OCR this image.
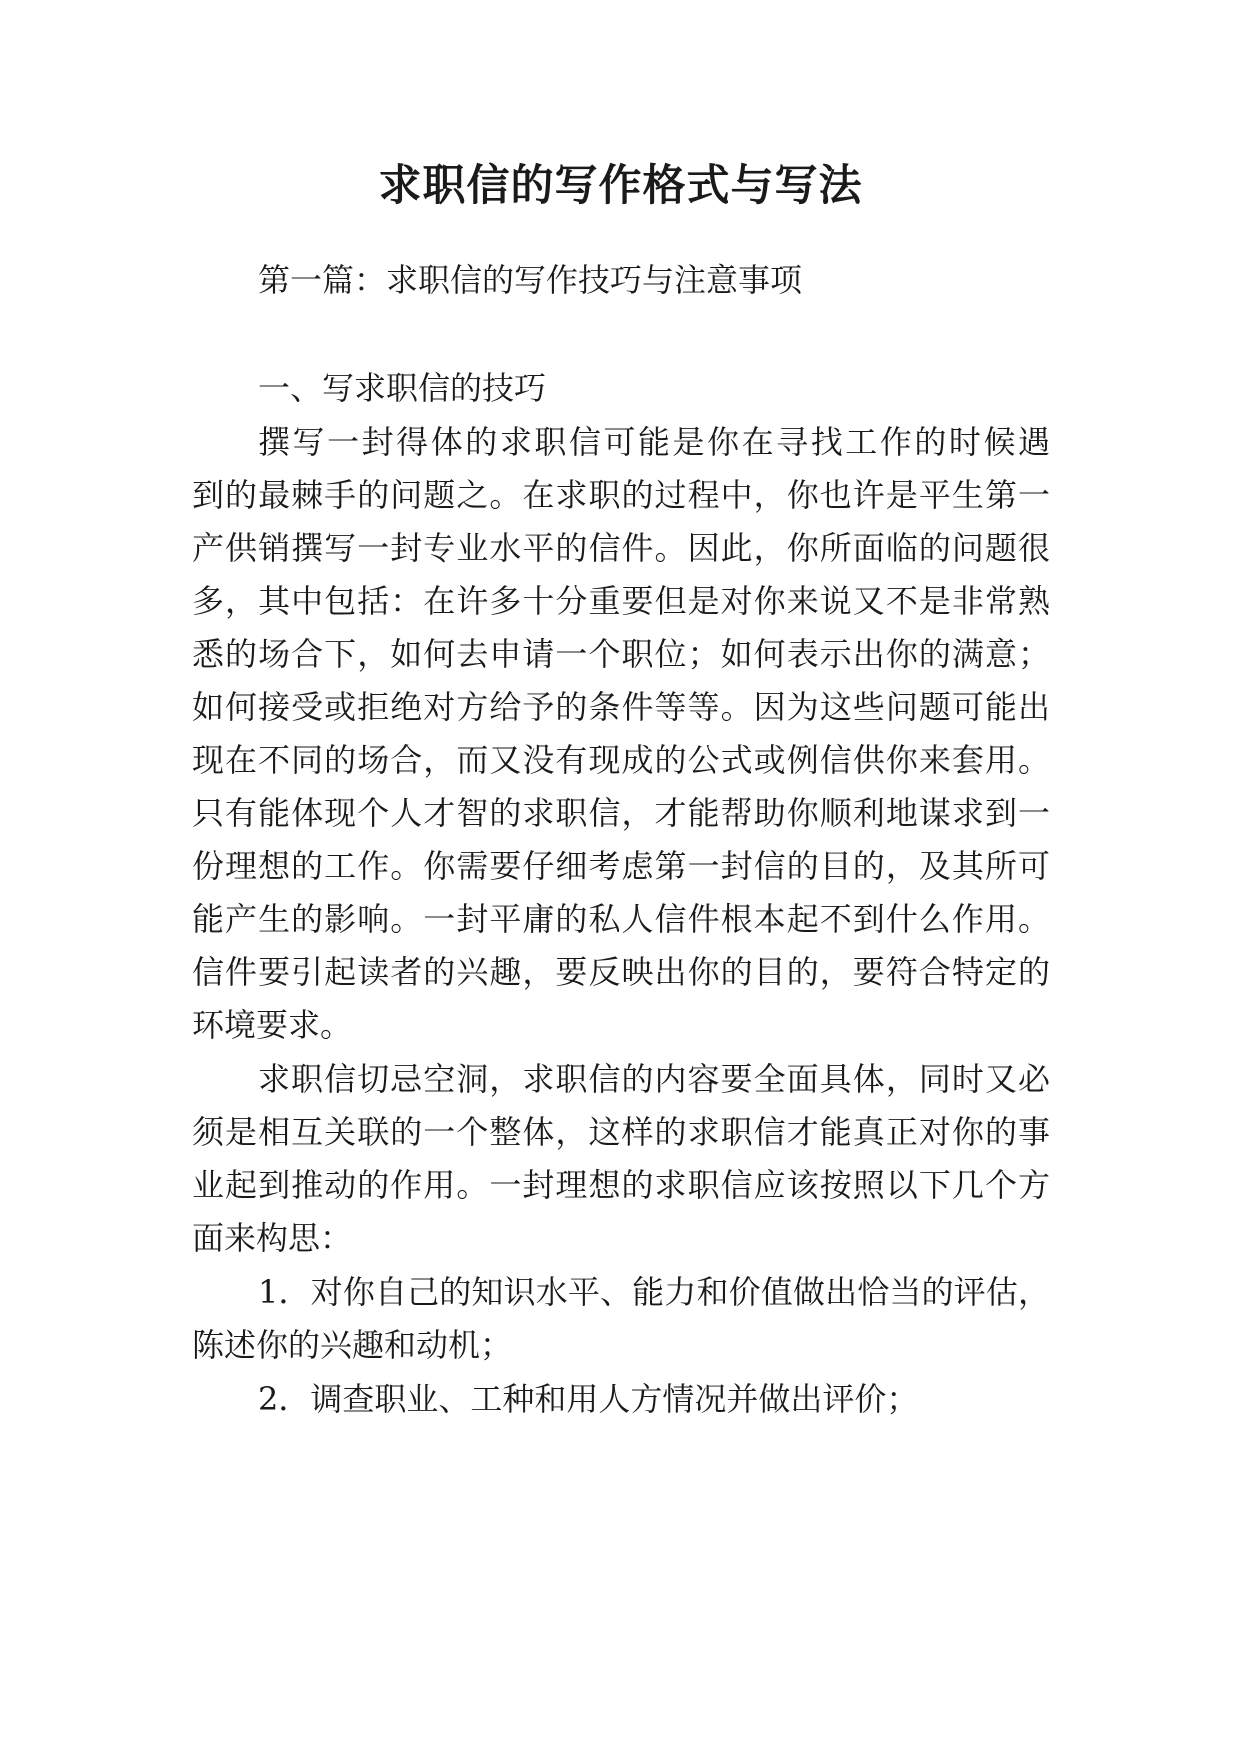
求职信的写作格式与写法

第一篇：求职信的写作技巧与注意事项

一、写求职信的技巧

撰写一封得体的求职信可能是你在寻找工作的时候遇

到的最棘手的问题之。在求职的过程中，你也许是平生第一

产供销撰写一封专业水平的信件。因此，你所面临的问题很

多，其中包括：在许多十分重要但是对你来说又不是非常熟

悉的场合下，如何去申请一个职位；如何表示出你的满意；

如何接受或拒绝对方给予的条件等等。因为这些问题可能出

现在不同的场合，而又没有现成的公式或例信供你来套用。

只有能体现个人才智的求职信，才能帮助你顺利地谋求到一

份理想的工作。你需要仔细考虑第一封信的目的，及其所可

能产生的影响。一封平庸的私人信件根本起不到什么作用。

信件要引起读者的兴趣，要反映出你的目的，要符合特定的

环境要求。

求职信切忌空洞，求职信的内容要全面具体，同时又必

须是相互关联的一个整体，这样的求职信才能真正对你的事

业起到推动的作用。一封理想的求职信应该按照以下几个方

面来构思：

1．对你自己的知识水平、能力和价值做出恰当的评估，

陈述你的兴趣和动机；

2．调查职业、工种和用人方情况并做出评价；
